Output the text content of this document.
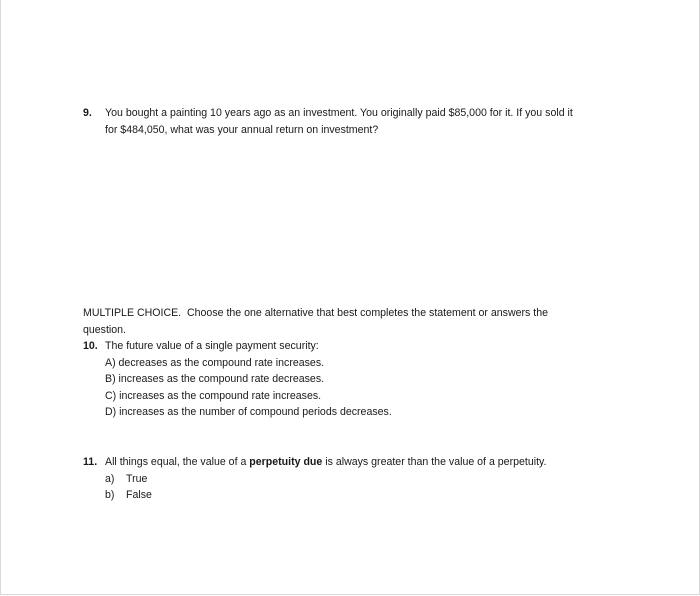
9.	You bought a painting 10 years ago as an investment. You originally paid $85,000 for it. If you sold it
for $484,050, what was your annual return on investment?
MULTIPLE CHOICE.  Choose the one alternative that best completes the statement or answers the
question.
10. The future value of a single payment security:
A) decreases as the compound rate increases.
B) increases as the compound rate decreases.
C) increases as the compound rate increases.
D) increases as the number of compound periods decreases.
11. All things equal, the value of a perpetuity due is always greater than the value of a perpetuity.
a)	True
b)	False
